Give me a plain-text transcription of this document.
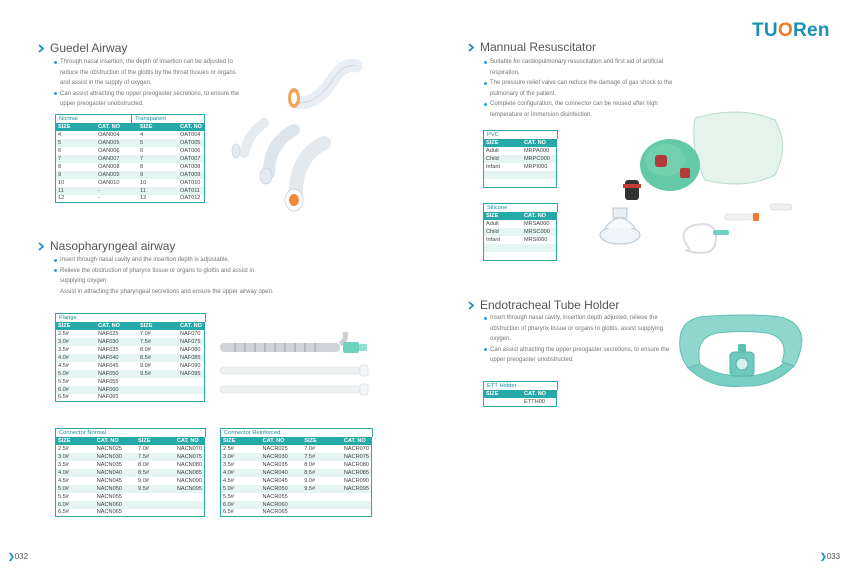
TUORen
Guedel Airway
Through nasal insertion, the depth of insertion can be adjusted to
reduce the obstruction of the glottis by the throat tissues or organs
and assist in the supply of oxygen.
Can assist attracting the upper preogaster secretions, to ensure the
upper preogaster unobstructed.
Normal	Transparent
SIZE	CAT. NO	SIZE	CAT. NO
4	OAN004	4	OAT004
5	OAN005	5	OAT005
6	OAN006	6	OAT006
7	OAN007	7	OAT007
8	OAN008	8	OAT008
9	OAN009	9	OAT009
10	OAN010	10	OAT010
11	-	11	OAT011
12	-	12	OAT012
Nasopharyngeal airway
Insert through nasal cavity and the insertion depth is adjustable.
Relieve the obstruction of pharynx tissue or organs to glottis and assist in
supplying oxygen.
Assist in attracting the pharyngeal secretions and ensure the upper airway open.
Flange
SIZE	CAT. NO	SIZE	CAT. NO
2.5#	NAF025	7.0#	NAF070
3.0#	NAF030	7.5#	NAF075
3.5#	NAF035	8.0#	NAF080
4.0#	NAF040	8.5#	NAF085
4.5#	NAF045	9.0#	NAF090
5.0#	NAF050	9.5#	NAF095
5.5#	NAF055		
6.0#	NAF060		
6.5#	NAF065		
Connector Normal
SIZE	CAT. NO	SIZE	CAT. NO
2.5#	NACN025	7.0#	NACN070
3.0#	NACN030	7.5#	NACN075
3.5#	NACN035	8.0#	NACN080
4.0#	NACN040	8.5#	NACN085
4.5#	NACN045	9.0#	NACN090
5.0#	NACN050	9.5#	NACN095
5.5#	NACN055		
6.0#	NACN060		
6.5#	NACN065		
Connector Reinforced
SIZE	CAT. NO	SIZE	CAT. NO
2.5#	NACR025	7.0#	NACR070
3.0#	NACR030	7.5#	NACR075
3.5#	NACR035	8.0#	NACR080
4.0#	NACR040	8.5#	NACR085
4.5#	NACR045	9.0#	NACR090
5.0#	NACR050	9.5#	NACR095
5.5#	NACR055		
6.0#	NACR060		
6.5#	NACR065		
Mannual Resuscitator
Suitable for cardiopulmonary resuscitation and first aid of artificial
respiration.
The pressure relief valve can reduce the damage of gas shock to the
pulmonary of the patient.
Complete configuration, the connector can be reused after high
temperature or immersion disinfection.
PVC
SIZE	CAT. NO
Adult	MRPA000
Child	MRPC000
Infant	MRPI000

Silicone
SIZE	CAT. NO
Adult	MRSA000
Child	MRSC000
Infant	MRSI000

Endotracheal Tube Holder
Insert through nasal cavity, insertion depth adjusted, relieve the
obstruction of pharynx tissue or organs to glottis, assist supplying
oxygen.
Can assist attracting the upper preogaster secretions, to ensure the
upper preogaster unobstructed.
ETT Holder
SIZE	CAT. NO
	ETTH00
❯032	❯033
